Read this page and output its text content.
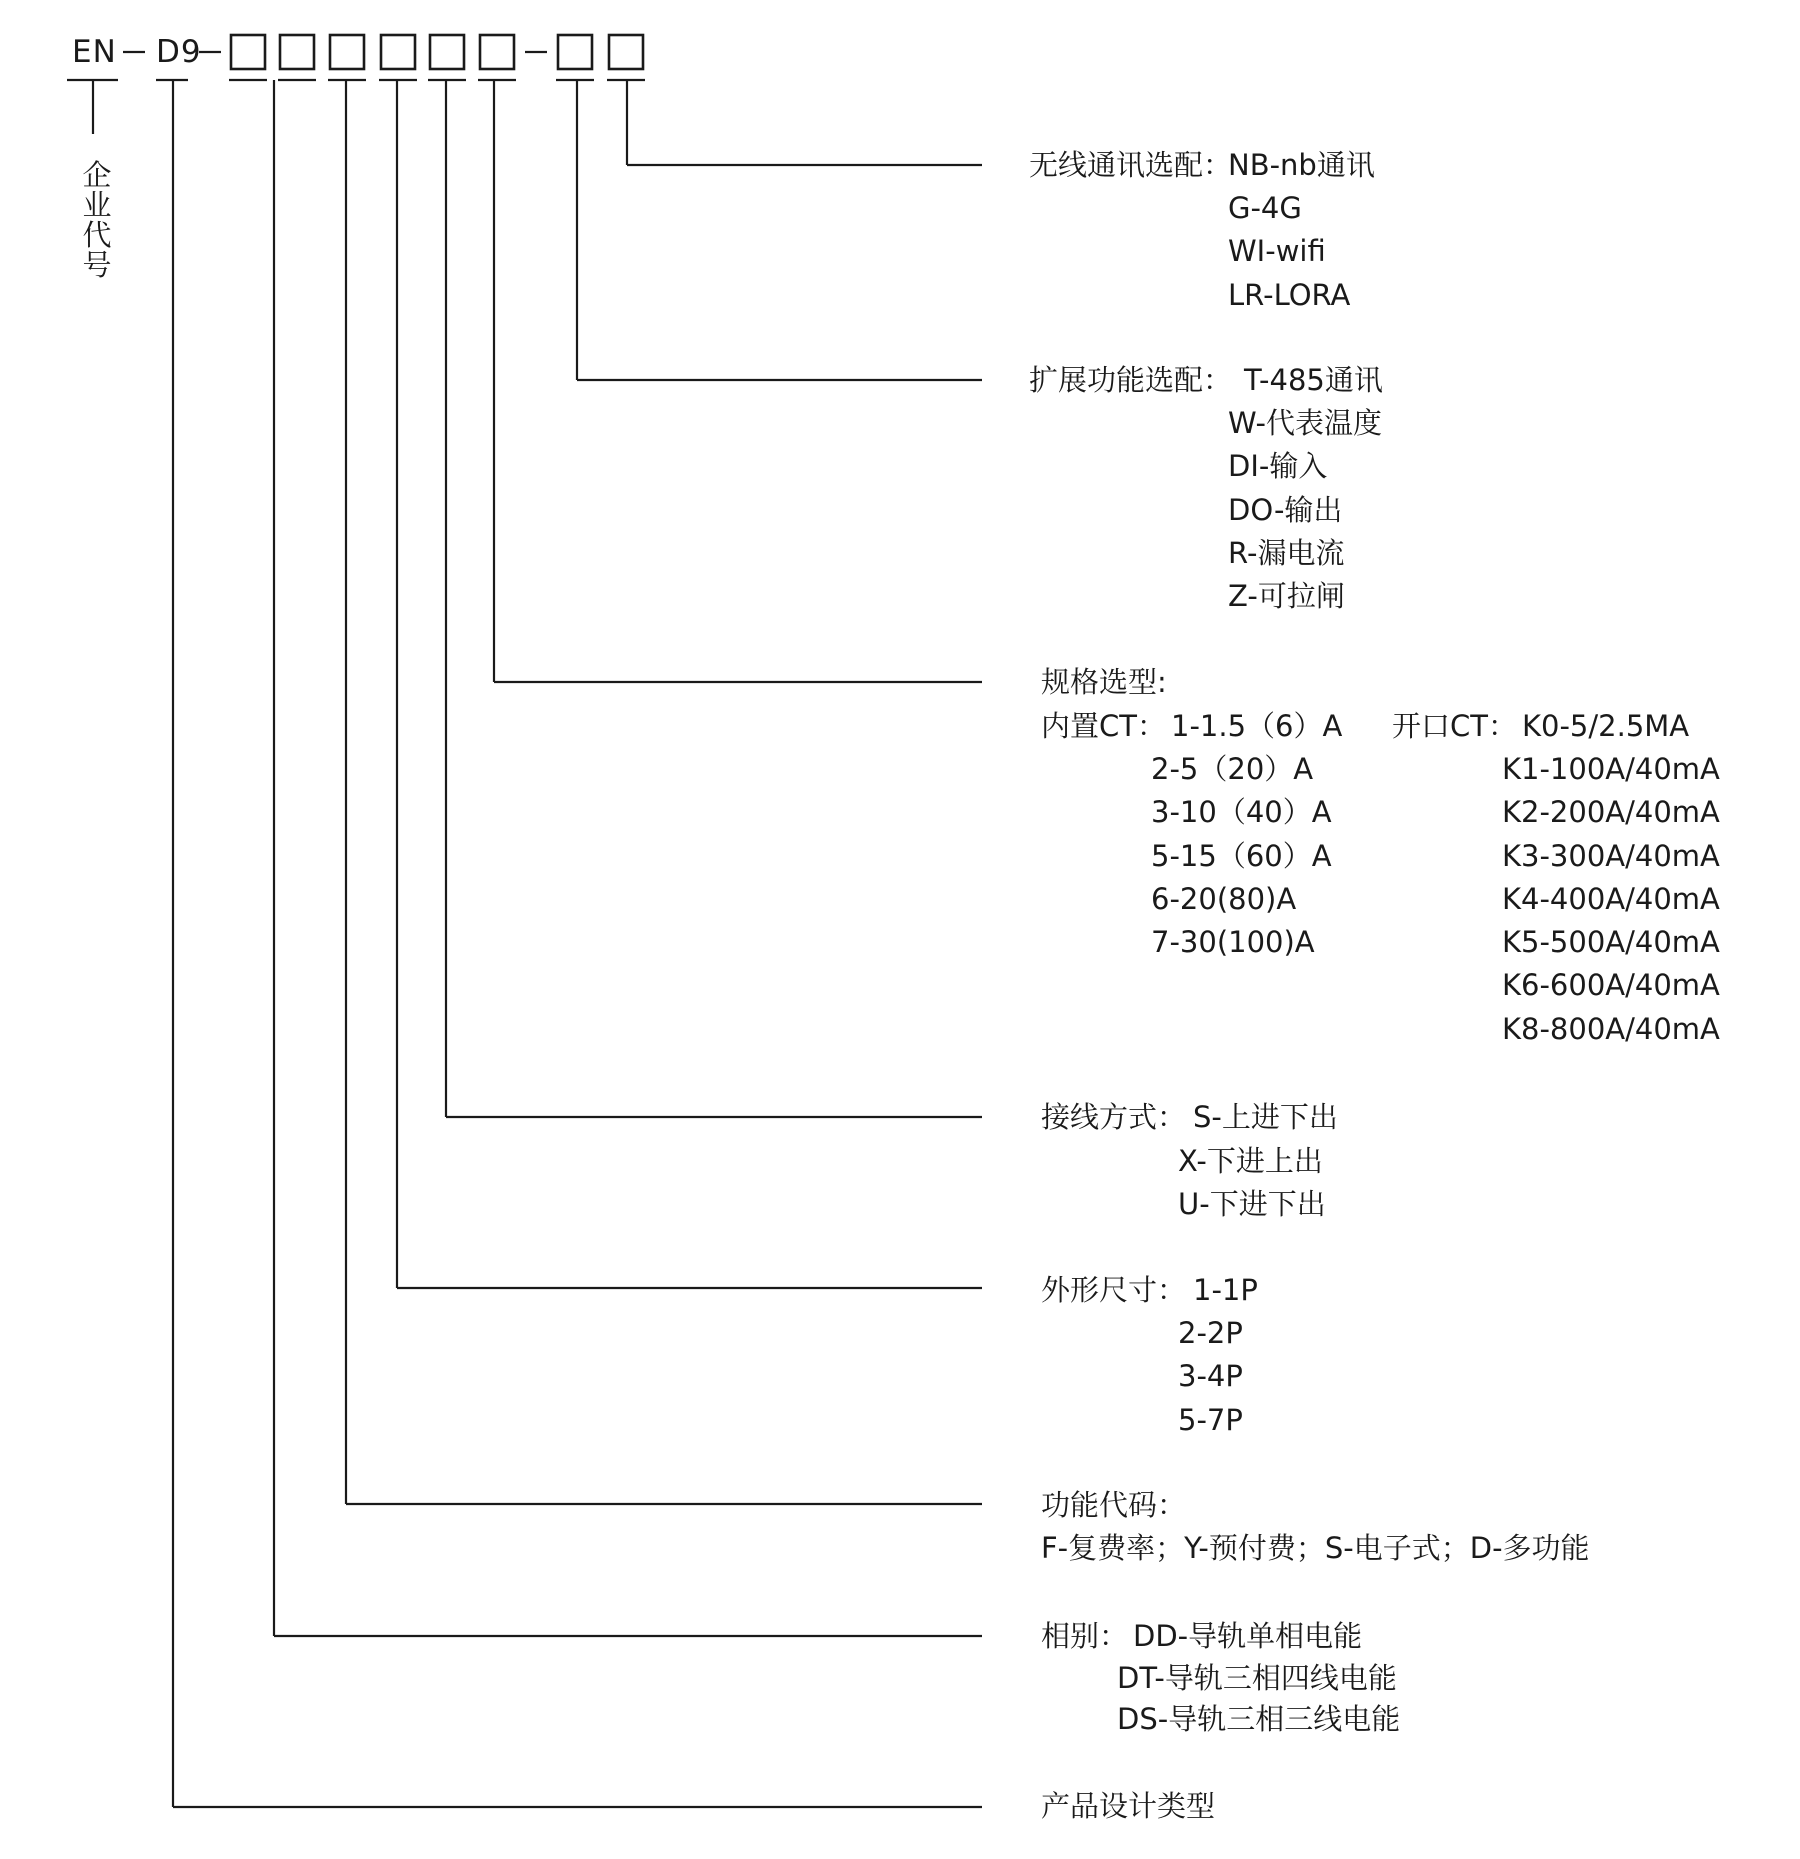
EN D9
企
业
代
号
无线通讯选配：
NB-nb通讯
G-4G
WI-wifi
LR-LORA
扩展功能选配： T-485通讯
W-代表温度
DI-输入
DO-输出
R-漏电流
Z-可拉闸
规格选型:
内置CT： 1-1.5（6）A
2-5（20）A
3-10（40）A
5-15（60）A
6-20(80)A
7-30(100)A
开口CT： K0-5/2.5MA
K1-100A/40mA
K2-200A/40mA
K3-300A/40mA
K4-400A/40mA
K5-500A/40mA
K6-600A/40mA
K8-800A/40mA
接线方式： S-上进下出
X-下进上出
U-下进下出
外形尺寸： 1-1P
2-2P
3-4P
5-7P
功能代码：
F-复费率；Y-预付费；S-电子式；D-多功能
相别： DD-导轨单相电能
DT-导轨三相四线电能
DS-导轨三相三线电能
产品设计类型
